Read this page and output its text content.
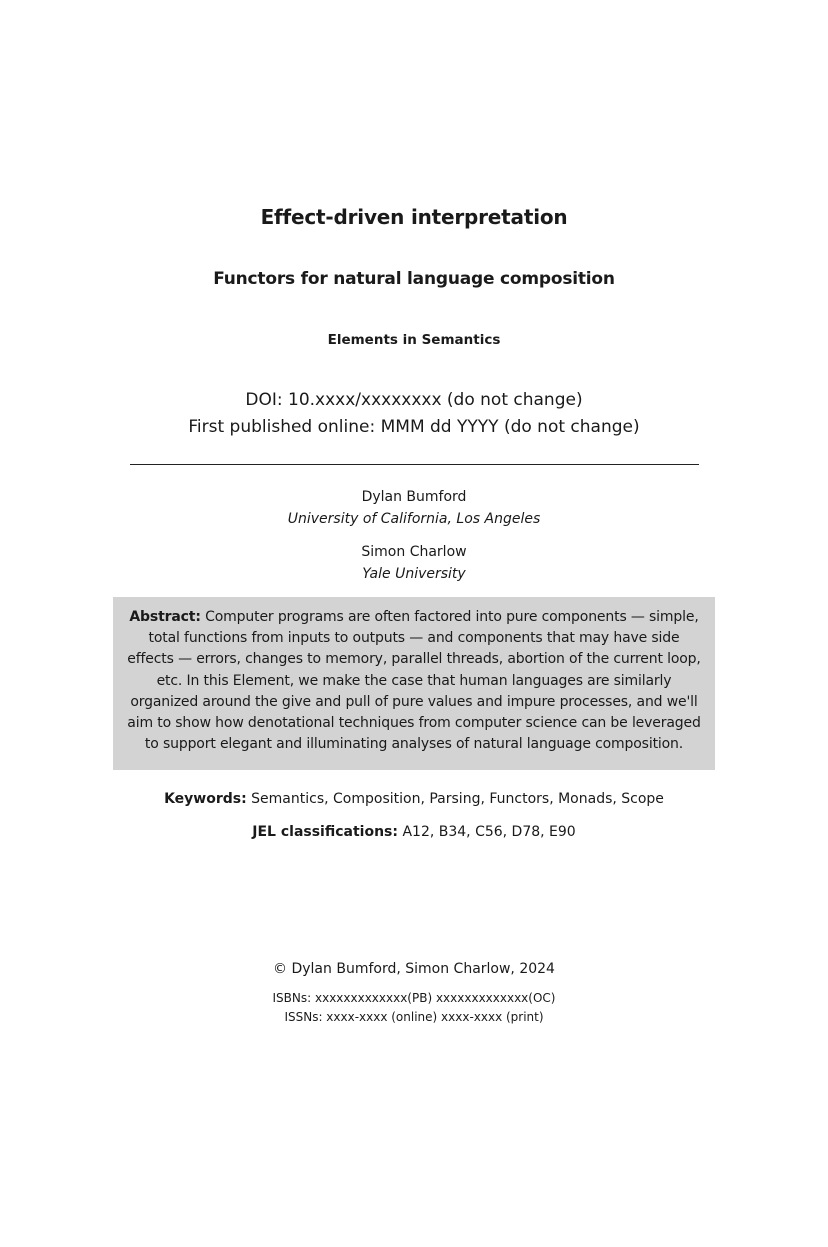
Effect-driven interpretation
Functors for natural language composition
Elements in Semantics
DOI: 10.xxxx/xxxxxxxx (do not change)
First published online: MMM dd YYYY (do not change)
Dylan Bumford
University of California, Los Angeles
Simon Charlow
Yale University

Abstract: Computer programs are often factored into pure components — simple, total functions from inputs to outputs — and components that may have side effects — errors, changes to memory, parallel threads, abortion of the current loop, etc. In this Element, we make the case that human languages are similarly organized around the give and pull of pure values and impure processes, and we'll aim to show how denotational techniques from computer science can be leveraged to support elegant and illuminating analyses of natural language composition.

Keywords: Semantics, Composition, Parsing, Functors, Monads, Scope
JEL classifications: A12, B34, C56, D78, E90
© Dylan Bumford, Simon Charlow, 2024
ISBNs: xxxxxxxxxxxxx(PB) xxxxxxxxxxxxx(OC)
ISSNs: xxxx-xxxx (online) xxxx-xxxx (print)
